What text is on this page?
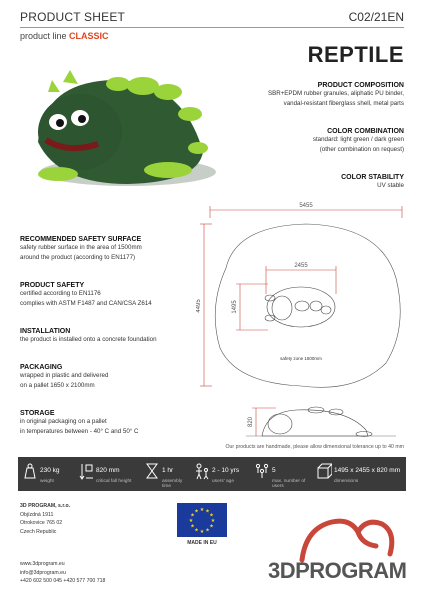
PRODUCT SHEET	C02/21EN
product line CLASSIC
REPTILE
PRODUCT COMPOSITION
SBR+EPDM rubber granules, aliphatic PU binder,
vandal-resistant fiberglass shell, metal parts
COLOR COMBINATION
standard: light green / dark green
(other combination on request)
COLOR STABILITY
UV stable
RECOMMENDED SAFETY SURFACE
safety rubber surface in the area of 1500mm
around the product (according to EN1177)
PRODUCT SAFETY
certified according to EN1176
complies with ASTM F1487 and CAN/CSA Z614
INSTALLATION
the product is installed onto a concrete foundation
PACKAGING
wrapped in plastic and delivered
on a pallet 1650 x 2100mm
STORAGE
in original packaging on a pallet
in temperatures between - 40° C and 50° C
5455
4495
2455
1495
safety zone 1500mm
820
Our products are handmade, please allow dimensional tolerance up to 40 mm
230 kg
weight
820 mm
critical fall height
1 hr
assembly time
2 - 10 yrs
users' age
5
max. number of users
1495 x 2455 x 820 mm
dimensions
3D PROGRAM, s.r.o.
Objízdná 1911
Otrokovice 765 02
Czech Republic
www.3dprogram.eu
info@3dprogram.eu
+420 602 500 045 +420 577 700 718
★ ★
★
★
★
★
★
★
★
★
★
★
MADE IN EU
3DPROGRAM
